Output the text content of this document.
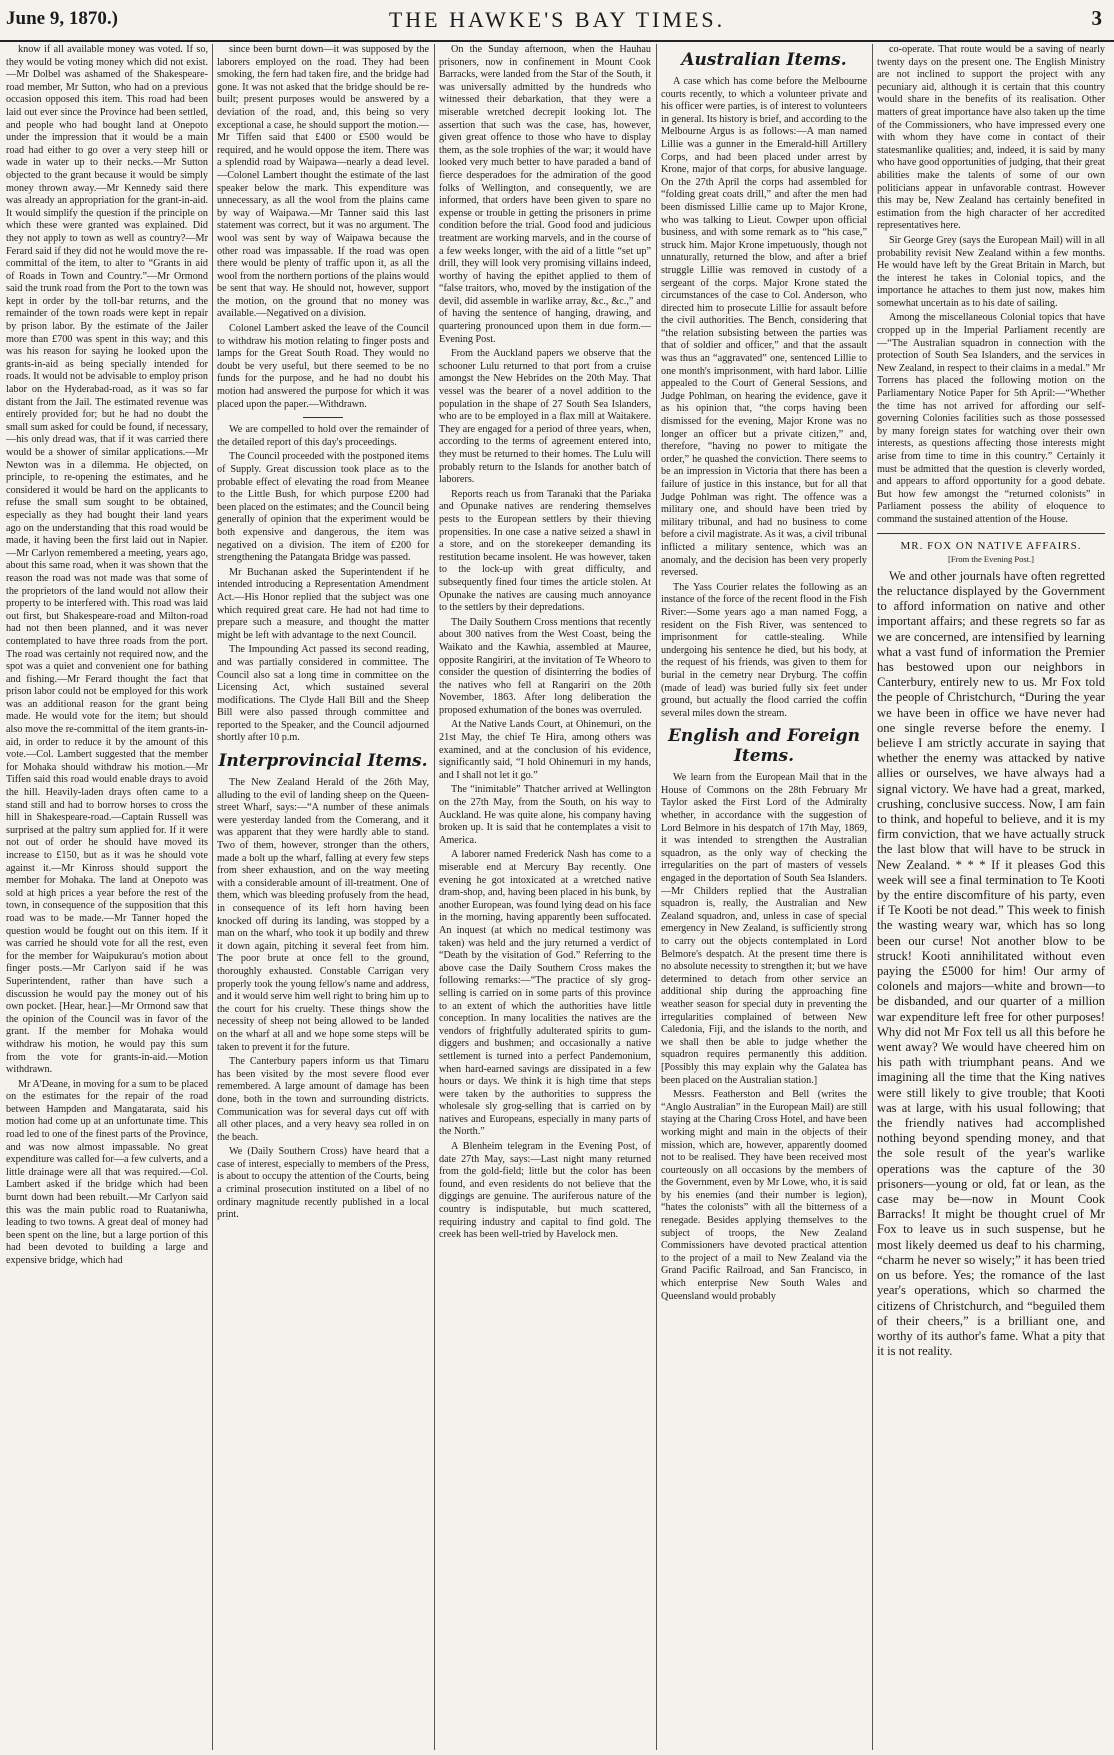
June 9, 1870.)	THE HAWKE'S BAY TIMES.	3

know if all available money was voted. If so, they would be voting money which did not exist.—Mr Dolbel was ashamed of the Shakespeare-road member, Mr Sutton, who had on a previous occasion opposed this item. This road had been laid out ever since the Province had been settled, and people who had bought land at Onepoto under the impression that it would be a main road had either to go over a very steep hill or wade in water up to their necks.—Mr Sutton objected to the grant because it would be simply money thrown away.—Mr Kennedy said there was already an appropriation for the grant-in-aid. It would simplify the question if the principle on which these were granted was explained. Did they not apply to town as well as country?—Mr Ferard said if they did not he would move the re-committal of the item, to alter to “Grants in aid of Roads in Town and Country.”—Mr Ormond said the trunk road from the Port to the town was kept in order by the toll-bar returns, and the remainder of the town roads were kept in repair by prison labor. By the estimate of the Jailer more than £700 was spent in this way; and this was his reason for saying he looked upon the grants-in-aid as being specially intended for roads. It would not be advisable to employ prison labor on the Hyderabad-road, as it was so far distant from the Jail. The estimated revenue was entirely provided for; but he had no doubt the small sum asked for could be found, if necessary,—his only dread was, that if it was carried there would be a shower of similar applications.—Mr Newton was in a dilemma. He objected, on principle, to re-opening the estimates, and he considered it would be hard on the applicants to refuse the small sum sought to be obtained, especially as they had bought their land years ago on the understanding that this road would be made, it having been the first laid out in Napier.—Mr Carlyon remembered a meeting, years ago, about this same road, when it was shown that the reason the road was not made was that some of the proprietors of the land would not allow their property to be interfered with. This road was laid out first, but Shakespeare-road and Milton-road had not then been planned, and it was never contemplated to have three roads from the port. The road was certainly not required now, and the spot was a quiet and convenient one for bathing and fishing.—Mr Ferard thought the fact that prison labor could not be employed for this work was an additional reason for the grant being made. He would vote for the item; but should also move the re-committal of the item grants-in-aid, in order to reduce it by the amount of this vote.—Col. Lambert suggested that the member for Mohaka should withdraw his motion.—Mr Tiffen said this road would enable drays to avoid the hill. Heavily-laden drays often came to a stand still and had to borrow horses to cross the hill in Shakespeare-road.—Captain Russell was surprised at the paltry sum applied for. If it were not out of order he should have moved its increase to £150, but as it was he should vote against it.—Mr Kinross should support the member for Mohaka. The land at Onepoto was sold at high prices a year before the rest of the town, in consequence of the supposition that this road was to be made.—Mr Tanner hoped the question would be fought out on this item. If it was carried he should vote for all the rest, even for the member for Waipukurau's motion about finger posts.—Mr Carlyon said if he was Superintendent, rather than have such a discussion he would pay the money out of his own pocket. [Hear, hear.]—Mr Ormond saw that the opinion of the Council was in favor of the grant. If the member for Mohaka would withdraw his motion, he would pay this sum from the vote for grants-in-aid.—Motion withdrawn.

Mr A'Deane, in moving for a sum to be placed on the estimates for the repair of the road between Hampden and Mangatarata, said his motion had come up at an unfortunate time. This road led to one of the finest parts of the Province, and was now almost impassable. No great expenditure was called for—a few culverts, and a little drainage were all that was required.—Col. Lambert asked if the bridge which had been burnt down had been rebuilt.—Mr Carlyon said this was the main public road to Ruataniwha, leading to two towns. A great deal of money had been spent on the line, but a large portion of this had been devoted to building a large and expensive bridge, which had

since been burnt down—it was supposed by the laborers employed on the road. They had been smoking, the fern had taken fire, and the bridge had gone. It was not asked that the bridge should be re-built; present purposes would be answered by a deviation of the road, and, this being so very exceptional a case, he should support the motion.—Mr Tiffen said that £400 or £500 would be required, and he would oppose the item. There was a splendid road by Waipawa—nearly a dead level.—Colonel Lambert thought the estimate of the last speaker below the mark. This expenditure was unnecessary, as all the wool from the plains came by way of Waipawa.—Mr Tanner said this last statement was correct, but it was no argument. The wool was sent by way of Waipawa because the other road was impassable. If the road was open there would be plenty of traffic upon it, as all the wool from the northern portions of the plains would be sent that way. He should not, however, support the motion, on the ground that no money was available.—Negatived on a division.

Colonel Lambert asked the leave of the Council to withdraw his motion relating to finger posts and lamps for the Great South Road. They would no doubt be very useful, but there seemed to be no funds for the purpose, and he had no doubt his motion had answered the purpose for which it was placed upon the paper.—Withdrawn.

We are compelled to hold over the remainder of the detailed report of this day's proceedings.

The Council proceeded with the postponed items of Supply. Great discussion took place as to the probable effect of elevating the road from Meanee to the Little Bush, for which purpose £200 had been placed on the estimates; and the Council being generally of opinion that the experiment would be both expensive and dangerous, the item was negatived on a division. The item of £200 for strengthening the Patangata Bridge was passed.

Mr Buchanan asked the Superintendent if he intended introducing a Representation Amendment Act.—His Honor replied that the subject was one which required great care. He had not had time to prepare such a measure, and thought the matter might be left with advantage to the next Council.

The Impounding Act passed its second reading, and was partially considered in committee. The Council also sat a long time in committee on the Licensing Act, which sustained several modifications. The Clyde Hall Bill and the Sheep Bill were also passed through committee and reported to the Speaker, and the Council adjourned shortly after 10 p.m.

Interprovincial Items.

The New Zealand Herald of the 26th May, alluding to the evil of landing sheep on the Queen-street Wharf, says:—“A number of these animals were yesterday landed from the Comerang, and it was apparent that they were hardly able to stand. Two of them, however, stronger than the others, made a bolt up the wharf, falling at every few steps from sheer exhaustion, and on the way meeting with a considerable amount of ill-treatment. One of them, which was bleeding profusely from the head, in consequence of its left horn having been knocked off during its landing, was stopped by a man on the wharf, who took it up bodily and threw it down again, pitching it several feet from him. The poor brute at once fell to the ground, thoroughly exhausted. Constable Carrigan very properly took the young fellow's name and address, and it would serve him well right to bring him up to the court for his cruelty. These things show the necessity of sheep not being allowed to be landed on the wharf at all and we hope some steps will be taken to prevent it for the future.

The Canterbury papers inform us that Timaru has been visited by the most severe flood ever remembered. A large amount of damage has been done, both in the town and surrounding districts. Communication was for several days cut off with all other places, and a very heavy sea rolled in on the beach.

We (Daily Southern Cross) have heard that a case of interest, especially to members of the Press, is about to occupy the attention of the Courts, being a criminal prosecution instituted on a libel of no ordinary magnitude recently published in a local print.

On the Sunday afternoon, when the Hauhau prisoners, now in confinement in Mount Cook Barracks, were landed from the Star of the South, it was universally admitted by the hundreds who witnessed their debarkation, that they were a miserable wretched decrepit looking lot. The assertion that such was the case, has, however, given great offence to those who have to display them, as the sole trophies of the war; it would have looked very much better to have paraded a band of fierce desperadoes for the admiration of the good folks of Wellington, and consequently, we are informed, that orders have been given to spare no expense or trouble in getting the prisoners in prime condition before the trial. Good food and judicious treatment are working marvels, and in the course of a few weeks longer, with the aid of a little “set up” drill, they will look very promising villains indeed, worthy of having the epithet applied to them of “false traitors, who, moved by the instigation of the devil, did assemble in warlike array, &c., &c.,” and of having the sentence of hanging, drawing, and quartering pronounced upon them in due form.—Evening Post.

From the Auckland papers we observe that the schooner Lulu returned to that port from a cruise amongst the New Hebrides on the 20th May. That vessel was the bearer of a novel addition to the population in the shape of 27 South Sea Islanders, who are to be employed in a flax mill at Waitakere. They are engaged for a period of three years, when, according to the terms of agreement entered into, they must be returned to their homes. The Lulu will probably return to the Islands for another batch of laborers.

Reports reach us from Taranaki that the Pariaka and Opunake natives are rendering themselves pests to the European settlers by their thieving propensities. In one case a native seized a shawl in a store, and on the storekeeper demanding its restitution became insolent. He was however, taken to the lock-up with great difficulty, and subsequently fined four times the article stolen. At Opunake the natives are causing much annoyance to the settlers by their depredations.

The Daily Southern Cross mentions that recently about 300 natives from the West Coast, being the Waikato and the Kawhia, assembled at Mauree, opposite Rangiriri, at the invitation of Te Wheoro to consider the question of disinterring the bodies of the natives who fell at Rangariri on the 20th November, 1863. After long deliberation the proposed exhumation of the bones was overruled.

At the Native Lands Court, at Ohinemuri, on the 21st May, the chief Te Hira, among others was examined, and at the conclusion of his evidence, significantly said, “I hold Ohinemuri in my hands, and I shall not let it go.”

The “inimitable” Thatcher arrived at Wellington on the 27th May, from the South, on his way to Auckland. He was quite alone, his company having broken up. It is said that he contemplates a visit to America.

A laborer named Frederick Nash has come to a miserable end at Mercury Bay recently. One evening he got intoxicated at a wretched native dram-shop, and, having been placed in his bunk, by another European, was found lying dead on his face in the morning, having apparently been suffocated. An inquest (at which no medical testimony was taken) was held and the jury returned a verdict of “Death by the visitation of God.” Referring to the above case the Daily Southern Cross makes the following remarks:—“The practice of sly grog-selling is carried on in some parts of this province to an extent of which the authorities have little conception. In many localities the natives are the vendors of frightfully adulterated spirits to gum-diggers and bushmen; and occasionally a native settlement is turned into a perfect Pandemonium, when hard-earned savings are dissipated in a few hours or days. We think it is high time that steps were taken by the authorities to suppress the wholesale sly grog-selling that is carried on by natives and Europeans, especially in many parts of the North.”

A Blenheim telegram in the Evening Post, of date 27th May, says:—Last night many returned from the gold-field; little but the color has been found, and even residents do not believe that the diggings are genuine. The auriferous nature of the country is indisputable, but much scattered, requiring industry and capital to find gold. The creek has been well-tried by Havelock men.

Australian Items.

A case which has come before the Melbourne courts recently, to which a volunteer private and his officer were parties, is of interest to volunteers in general. Its history is brief, and according to the Melbourne Argus is as follows:—A man named Lillie was a gunner in the Emerald-hill Artillery Corps, and had been placed under arrest by Krone, major of that corps, for abusive language. On the 27th April the corps had assembled for “folding great coats drill,” and after the men had been dismissed Lillie came up to Major Krone, who was talking to Lieut. Cowper upon official business, and with some remark as to “his case,” struck him. Major Krone impetuously, though not unnaturally, returned the blow, and after a brief struggle Lillie was removed in custody of a sergeant of the corps. Major Krone stated the circumstances of the case to Col. Anderson, who directed him to prosecute Lillie for assault before the civil authorities. The Bench, considering that “the relation subsisting between the parties was that of soldier and officer,” and that the assault was thus an “aggravated” one, sentenced Lillie to one month's imprisonment, with hard labor. Lillie appealed to the Court of General Sessions, and Judge Pohlman, on hearing the evidence, gave it as his opinion that, “the corps having been dismissed for the evening, Major Krone was no longer an officer but a private citizen,” and, therefore, “having no power to mitigate the order,” he quashed the conviction. There seems to be an impression in Victoria that there has been a failure of justice in this instance, but for all that Judge Pohlman was right. The offence was a military one, and should have been tried by military tribunal, and had no business to come before a civil magistrate. As it was, a civil tribunal inflicted a military sentence, which was an anomaly, and the decision has been very properly reversed.

The Yass Courier relates the following as an instance of the force of the recent flood in the Fish River:—Some years ago a man named Fogg, a resident on the Fish River, was sentenced to imprisonment for cattle-stealing. While undergoing his sentence he died, but his body, at the request of his friends, was given to them for burial in the cemetry near Dryburg. The coffin (made of lead) was buried fully six feet under ground, but actually the flood carried the coffin several miles down the stream.

English and Foreign Items.

We learn from the European Mail that in the House of Commons on the 28th February Mr Taylor asked the First Lord of the Admiralty whether, in accordance with the suggestion of Lord Belmore in his despatch of 17th May, 1869, it was intended to strengthen the Australian squadron, as the only way of checking the irregularities on the part of masters of vessels engaged in the deportation of South Sea Islanders.—Mr Childers replied that the Australian squadron is, really, the Australian and New Zealand squadron, and, unless in case of special emergency in New Zealand, is sufficiently strong to carry out the objects contemplated in Lord Belmore's despatch. At the present time there is no absolute necessity to strengthen it; but we have determined to detach from other service an additional ship during the approaching fine weather season for special duty in preventing the irregularities complained of between New Caledonia, Fiji, and the islands to the north, and we shall then be able to judge whether the squadron requires permanently this addition. [Possibly this may explain why the Galatea has been placed on the Australian station.]

Messrs. Featherston and Bell (writes the “Anglo Australian” in the European Mail) are still staying at the Charing Cross Hotel, and have been working might and main in the objects of their mission, which are, however, apparently doomed not to be realised. They have been received most courteously on all occasions by the members of the Government, even by Mr Lowe, who, it is said by his enemies (and their number is legion), “hates the colonists” with all the bitterness of a renegade. Besides applying themselves to the subject of troops, the New Zealand Commissioners have devoted practical attention to the project of a mail to New Zealand via the Grand Pacific Railroad, and San Francisco, in which enterprise New South Wales and Queensland would probably

co-operate. That route would be a saving of nearly twenty days on the present one. The English Ministry are not inclined to support the project with any pecuniary aid, although it is certain that this country would share in the benefits of its realisation. Other matters of great importance have also taken up the time of the Commissioners, who have impressed every one with whom they have come in contact of their statesmanlike qualities; and, indeed, it is said by many who have good opportunities of judging, that their great abilities make the talents of some of our own politicians appear in unfavorable contrast. However this may be, New Zealand has certainly benefited in estimation from the high character of her accredited representatives here.

Sir George Grey (says the European Mail) will in all probability revisit New Zealand within a few months. He would have left by the Great Britain in March, but the interest he takes in Colonial topics, and the importance he attaches to them just now, makes him somewhat uncertain as to his date of sailing.

Among the miscellaneous Colonial topics that have cropped up in the Imperial Parliament recently are—“The Australian squadron in connection with the protection of South Sea Islanders, and the services in New Zealand, in respect to their claims in a medal.” Mr Torrens has placed the following motion on the Parliamentary Notice Paper for 5th April:—“Whether the time has not arrived for affording our self-governing Colonies facilities such as those possessed by many foreign states for watching over their own interests, as questions affecting those interests might arise from time to time in this country.” Certainly it must be admitted that the question is cleverly worded, and appears to afford opportunity for a good debate. But how few amongst the “returned colonists” in Parliament possess the ability of eloquence to command the sustained attention of the House.

MR. FOX ON NATIVE AFFAIRS.
[From the Evening Post.]

We and other journals have often regretted the reluctance displayed by the Government to afford information on native and other important affairs; and these regrets so far as we are concerned, are intensified by learning what a vast fund of information the Premier has bestowed upon our neighbors in Canterbury, entirely new to us. Mr Fox told the people of Christchurch, “During the year we have been in office we have never had one single reverse before the enemy. I believe I am strictly accurate in saying that whether the enemy was attacked by native allies or ourselves, we have always had a signal victory. We have had a great, marked, crushing, conclusive success. Now, I am fain to think, and hopeful to believe, and it is my firm conviction, that we have actually struck the last blow that will have to be struck in New Zealand. * * * If it pleases God this week will see a final termination to Te Kooti by the entire discomfiture of his party, even if Te Kooti be not dead.” This week to finish the wasting weary war, which has so long been our curse! Not another blow to be struck! Kooti annihilitated without even paying the £5000 for him! Our army of colonels and majors—white and brown—to be disbanded, and our quarter of a million war expenditure left free for other purposes! Why did not Mr Fox tell us all this before he went away? We would have cheered him on his path with triumphant peans. And we imagining all the time that the King natives were still likely to give trouble; that Kooti was at large, with his usual following; that the friendly natives had accomplished nothing beyond spending money, and that the sole result of the year's warlike operations was the capture of the 30 prisoners—young or old, fat or lean, as the case may be—now in Mount Cook Barracks! It might be thought cruel of Mr Fox to leave us in such suspense, but he most likely deemed us deaf to his charming, “charm he never so wisely;” it has been tried on us before. Yes; the romance of the last year's operations, which so charmed the citizens of Christchurch, and “beguiled them of their cheers,” is a brilliant one, and worthy of its author's fame. What a pity that it is not reality.
